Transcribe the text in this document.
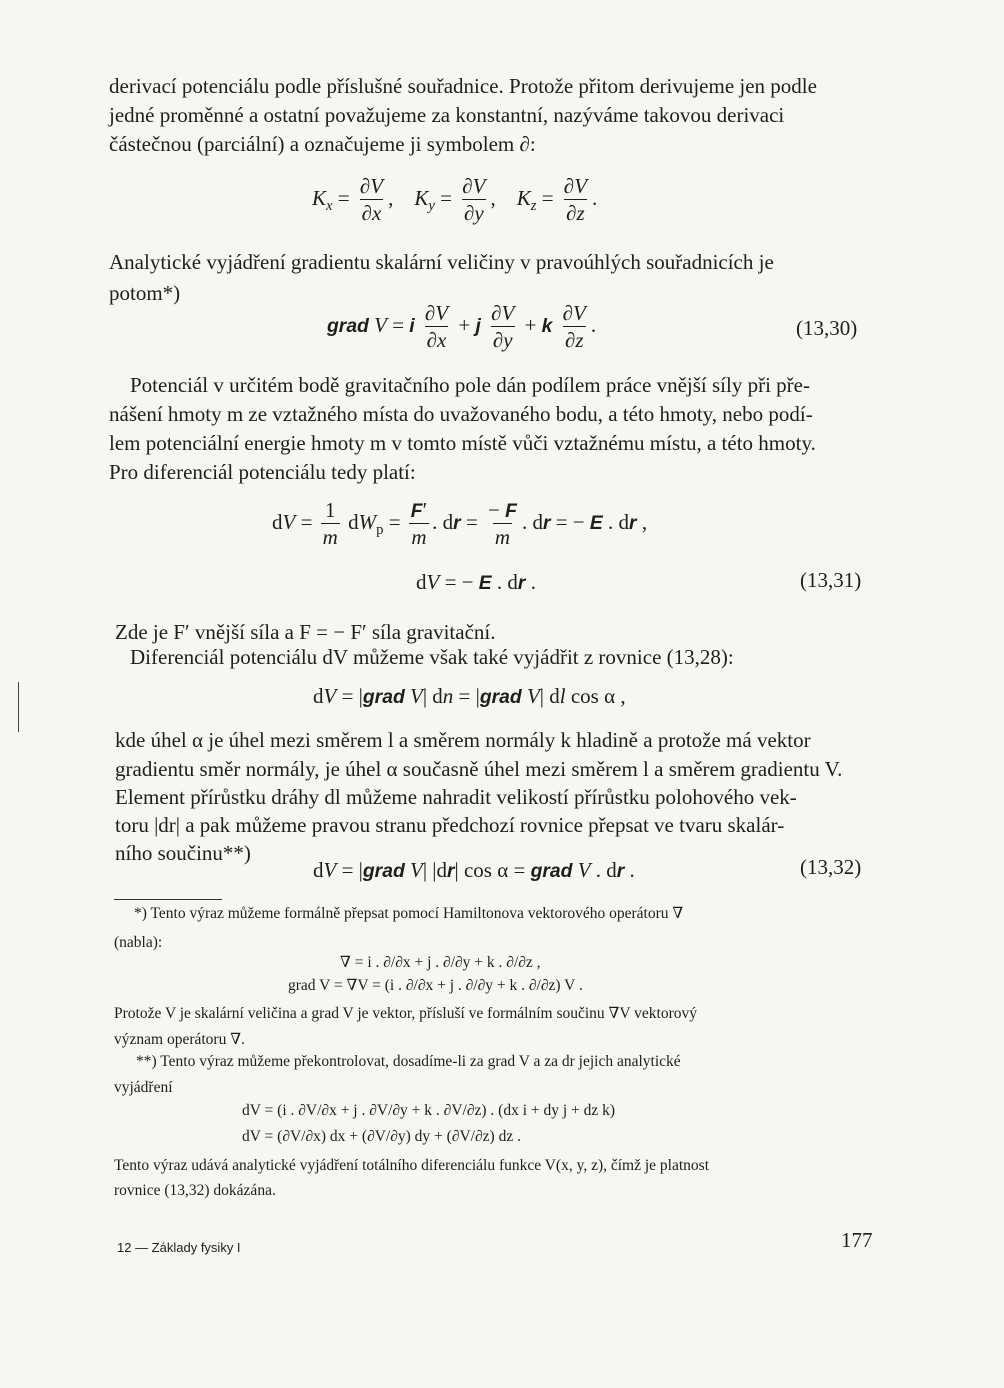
derivací potenciálu podle příslušné souřadnice. Protože přitom derivujeme jen podle
jedné proměnné a ostatní považujeme za konstantní, nazýváme takovou derivaci
částečnou (parciální) a označujeme ji symbolem ∂:
$K_x = \frac{\partial V}{\partial x}$ ,    $K_y = \frac{\partial V}{\partial y}$ ,    $K_z = \frac{\partial V}{\partial z}$ .
Analytické vyjádření gradientu skalární veličiny v pravoúhlých souřadnicích je
potom*)
grad V = i $\frac{\partial V}{\partial x} + j \frac{\partial V}{\partial y} + k \frac{\partial V}{\partial z}$ .	(13,30)
Potenciál v určitém bodě gravitačního pole dán podílem práce vnější síly při pře-
nášení hmoty m ze vztažného místa do uvažovaného bodu, a této hmoty, nebo podí-
lem potenciální energie hmoty m v tomto místě vůči vztažnému místu, a této hmoty.
Pro diferenciál potenciálu tedy platí:
dV = $\frac{1}{m} dW_p = \frac{F'}{m}$ . dr = $\frac{- F}{m}$ . dr = − E . dr ,
dV = − E . dr .	(13,31)
Zde je F′ vnější síla a F = − F′ síla gravitační.
Diferenciál potenciálu dV můžeme však také vyjádřit z rovnice (13,28):
dV = |grad V| dn = |grad V| dl cos α ,
kde úhel α je úhel mezi směrem l a směrem normály k hladině a protože má vektor
gradientu směr normály, je úhel α současně úhel mezi směrem l a směrem gradientu V.
Element přírůstku dráhy dl můžeme nahradit velikostí přírůstku polohového vek-
toru |dr| a pak můžeme pravou stranu předchozí rovnice přepsat ve tvaru skalár-
ního součinu**)
dV = |grad V| |dr| cos α = grad V . dr .	(13,32)
*) Tento výraz můžeme formálně přepsat pomocí Hamiltonova vektorového operátoru ∇
(nabla):
∇ = i . ∂/∂x + j . ∂/∂y + k . ∂/∂z ,
grad V = ∇V = (i . ∂/∂x + j . ∂/∂y + k . ∂/∂z) V .
Protože V je skalární veličina a grad V je vektor, přísluší ve formálním součinu ∇V vektorový
význam operátoru ∇.
**) Tento výraz můžeme překontrolovat, dosadíme-li za grad V a za dr jejich analytické
vyjádření
dV = (i . ∂V/∂x + j . ∂V/∂y + k . ∂V/∂z) . (dx i + dy j + dz k)
dV = (∂V/∂x) dx + (∂V/∂y) dy + (∂V/∂z) dz .
Tento výraz udává analytické vyjádření totálního diferenciálu funkce V(x, y, z), čímž je platnost
rovnice (13,32) dokázána.
12 — Základy fysiky I	177
